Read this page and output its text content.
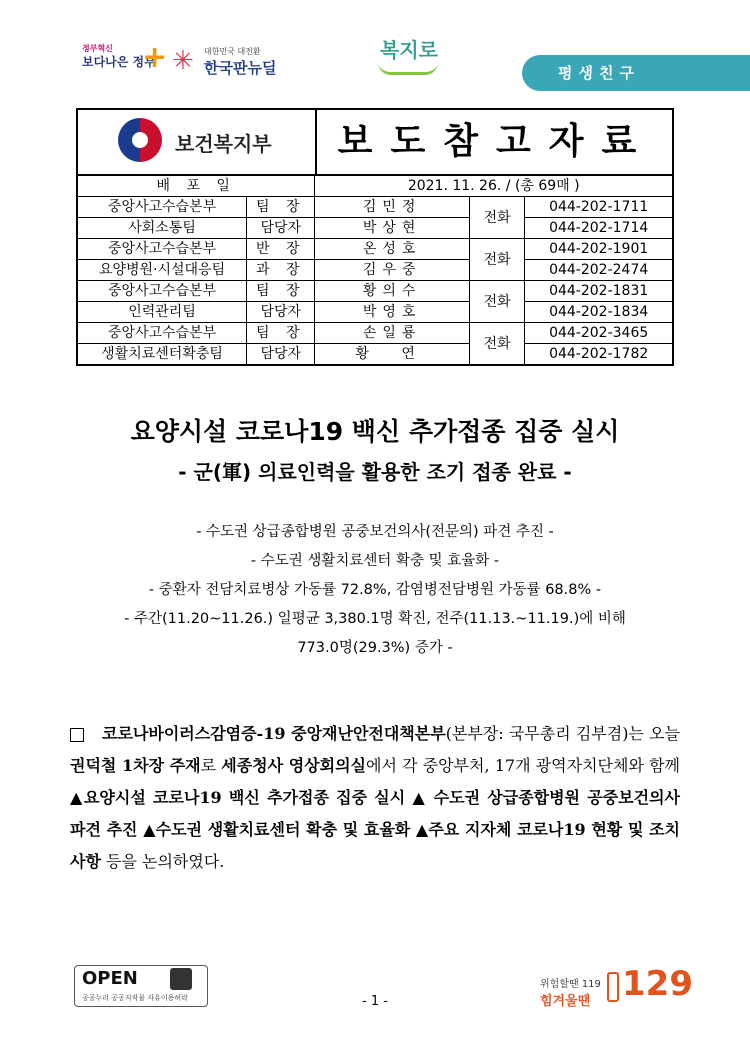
정부혁신
보다나은 정부
+ ✳ 대한민국 대전환
한국판뉴딜
복지로
평생친구
보건복지부	보도참고자료
배 포 일		2021. 11. 26. / (총 69매 )		
중앙사고수습본부	팀 장	김민정	전화	044-202-1711
사회소통팀	담당자	박상현		044-202-1714
중앙사고수습본부	반 장	온성호	전화	044-202-1901
요양병원·시설대응팀	과 장	김우중		044-202-2474
중앙사고수습본부	팀 장	황의수	전화	044-202-1831
인력관리팀	담당자	박영호		044-202-1834
중앙사고수습본부	팀 장	손일룡	전화	044-202-3465
생활치료센터확충팀	담당자	황 연		044-202-1782
요양시설 코로나19 백신 추가접종 집중 실시
- 군(軍) 의료인력을 활용한 조기 접종 완료 -
- 수도권 상급종합병원 공중보건의사(전문의) 파견 추진 -
- 수도권 생활치료센터 확충 및 효율화 -
- 중환자 전담치료병상 가동률 72.8%, 감염병전담병원 가동률 68.8% -
- 주간(11.20~11.26.) 일평균 3,380.1명 확진, 전주(11.13.~11.19.)에 비해
773.0명(29.3%) 증가 -
코로나바이러스감염증-19 중앙재난안전대책본부(본부장: 국무총리 김부겸)는 오늘 권덕철 1차장 주재로 세종청사 영상회의실에서 각 중앙부처, 17개 광역자치단체와 함께 ▲요양시설 코로나19 백신 추가접종 집중 실시 ▲ 수도권 상급종합병원 공중보건의사 파견 추진 ▲수도권 생활치료센터 확충 및 효율화 ▲주요 지자체 코로나19 현황 및 조치사항 등을 논의하였다.
OPEN
공공누리 공공저작물 자유이용허락	- 1 -
위험할땐 119
힘겨울땐 129
